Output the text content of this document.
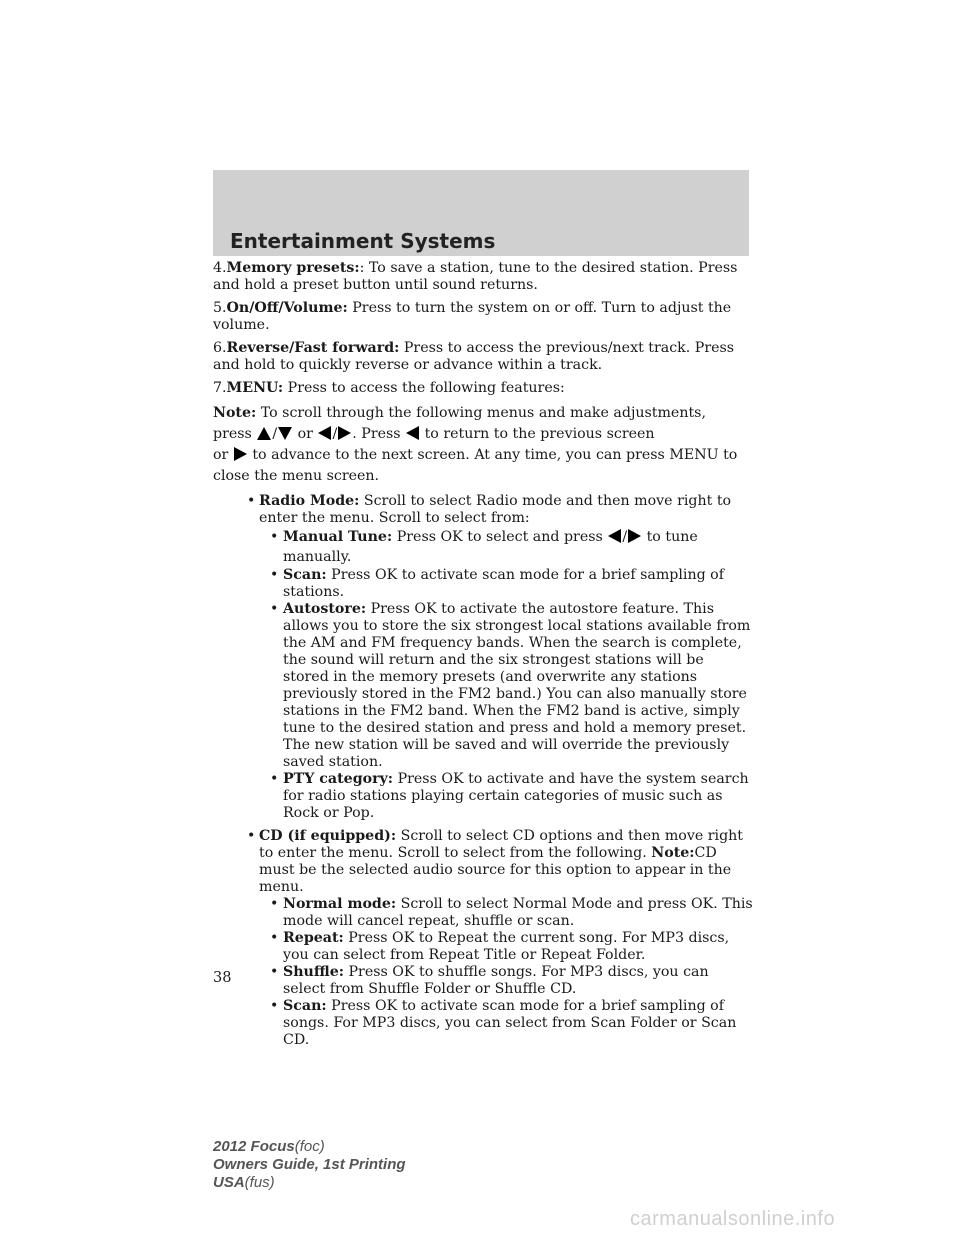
Entertainment Systems

4.Memory presets:: To save a station, tune to the desired station. Press and hold a preset button until sound returns.

5.On/Off/Volume: Press to turn the system on or off. Turn to adjust the volume.

6.Reverse/Fast forward: Press to access the previous/next track. Press and hold to quickly reverse or advance within a track.

7.MENU: Press to access the following features:

Note: To scroll through the following menus and make adjustments,
press / or / . Press to return to the previous screen
or to advance to the next screen. At any time, you can press MENU to close the menu screen.

• Radio Mode: Scroll to select Radio mode and then move right to enter the menu. Scroll to select from:
• Manual Tune: Press OK to select and press / to tune manually.
• Scan: Press OK to activate scan mode for a brief sampling of stations.
• Autostore: Press OK to activate the autostore feature. This allows you to store the six strongest local stations available from the AM and FM frequency bands. When the search is complete, the sound will return and the six strongest stations will be stored in the memory presets (and overwrite any stations previously stored in the FM2 band.) You can also manually store stations in the FM2 band. When the FM2 band is active, simply tune to the desired station and press and hold a memory preset. The new station will be saved and will override the previously saved station.
• PTY category: Press OK to activate and have the system search for radio stations playing certain categories of music such as Rock or Pop.
• CD (if equipped): Scroll to select CD options and then move right to enter the menu. Scroll to select from the following. Note:CD must be the selected audio source for this option to appear in the menu.
• Normal mode: Scroll to select Normal Mode and press OK. This mode will cancel repeat, shuffle or scan.
• Repeat: Press OK to Repeat the current song. For MP3 discs, you can select from Repeat Title or Repeat Folder.
• Shuffle: Press OK to shuffle songs. For MP3 discs, you can select from Shuffle Folder or Shuffle CD.
• Scan: Press OK to activate scan mode for a brief sampling of songs. For MP3 discs, you can select from Scan Folder or Scan CD.
38
2012 Focus(foc)
Owners Guide, 1st Printing
USA(fus)
carmanualsonline.info
